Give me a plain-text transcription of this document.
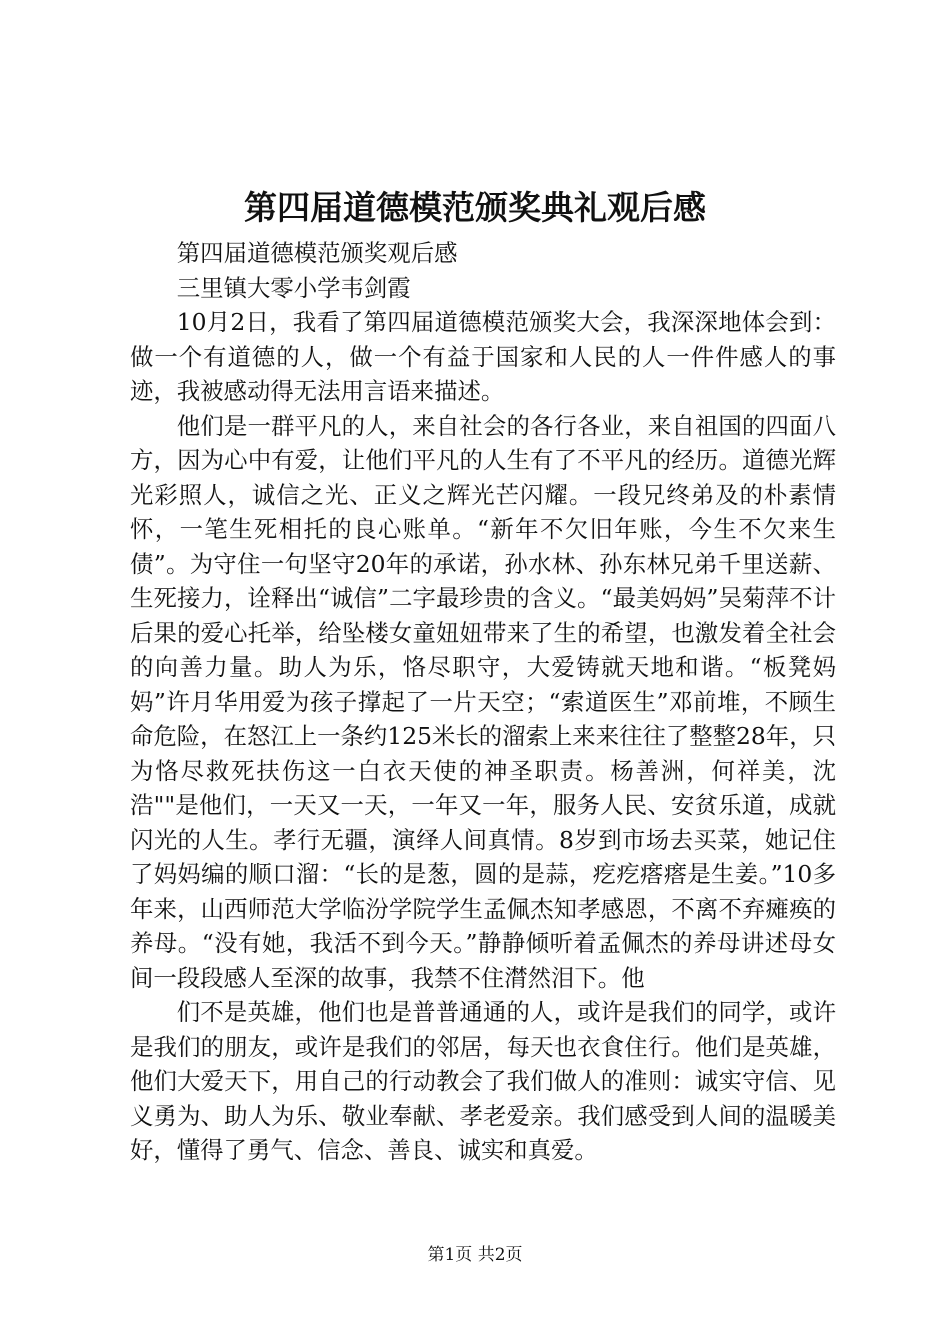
第四届道德模范颁奖典礼观后感

第四届道德模范颁奖观后感

三里镇大零小学韦剑霞

10月2日，我看了第四届道德模范颁奖大会，我深深地体会到：做一个有道德的人，做一个有益于国家和人民的人一件件感人的事迹，我被感动得无法用言语来描述。

他们是一群平凡的人，来自社会的各行各业，来自祖国的四面八方，因为心中有爱，让他们平凡的人生有了不平凡的经历。道德光辉光彩照人，诚信之光、正义之辉光芒闪耀。一段兄终弟及的朴素情怀，一笔生死相托的良心账单。“新年不欠旧年账，今生不欠来生债”。为守住一句坚守20年的承诺，孙水林、孙东林兄弟千里送薪、生死接力，诠释出“诚信”二字最珍贵的含义。“最美妈妈”吴菊萍不计后果的爱心托举，给坠楼女童妞妞带来了生的希望，也激发着全社会的向善力量。助人为乐，恪尽职守，大爱铸就天地和谐。“板凳妈妈”许月华用爱为孩子撑起了一片天空；“索道医生”邓前堆，不顾生命危险，在怒江上一条约125米长的溜索上来来往往了整整28年，只为恪尽救死扶伤这一白衣天使的神圣职责。杨善洲，何祥美，沈浩""是他们，一天又一天，一年又一年，服务人民、安贫乐道，成就闪光的人生。孝行无疆，演绎人间真情。8岁到市场去买菜，她记住了妈妈编的顺口溜：“长的是葱，圆的是蒜，疙疙瘩瘩是生姜。”10多年来，山西师范大学临汾学院学生孟佩杰知孝感恩，不离不弃瘫痪的养母。“没有她，我活不到今天。”静静倾听着孟佩杰的养母讲述母女间一段段感人至深的故事，我禁不住潸然泪下。他

们不是英雄，他们也是普普通通的人，或许是我们的同学，或许是我们的朋友，或许是我们的邻居，每天也衣食住行。他们是英雄，他们大爱天下，用自己的行动教会了我们做人的准则：诚实守信、见义勇为、助人为乐、敬业奉献、孝老爱亲。我们感受到人间的温暖美好，懂得了勇气、信念、善良、诚实和真爱。

第1页 共2页
